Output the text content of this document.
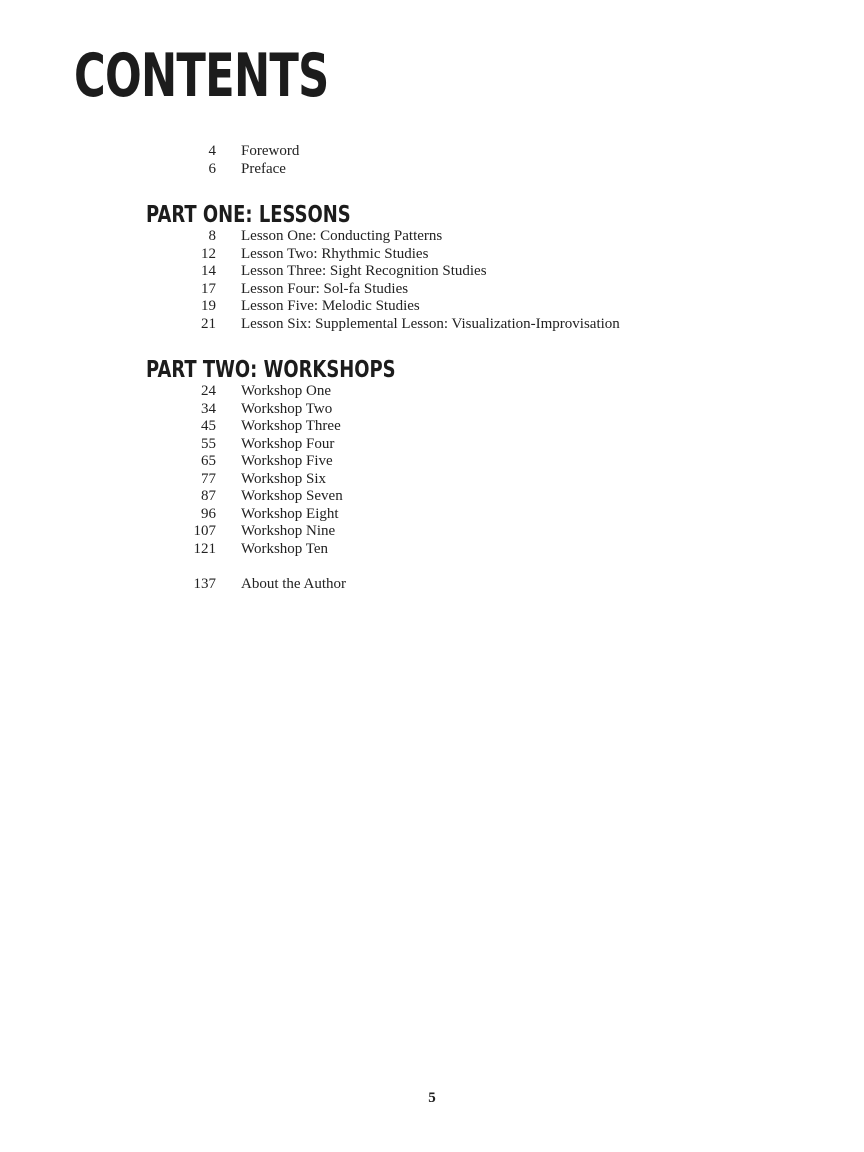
CONTENTS
4 Foreword
6 Preface
PART ONE: LESSONS
8 Lesson One: Conducting Patterns
12 Lesson Two: Rhythmic Studies
14 Lesson Three: Sight Recognition Studies
17 Lesson Four: Sol-fa Studies
19 Lesson Five: Melodic Studies
21 Lesson Six: Supplemental Lesson: Visualization-Improvisation
PART TWO: WORKSHOPS
24 Workshop One
34 Workshop Two
45 Workshop Three
55 Workshop Four
65 Workshop Five
77 Workshop Six
87 Workshop Seven
96 Workshop Eight
107 Workshop Nine
121 Workshop Ten
137 About the Author
5
